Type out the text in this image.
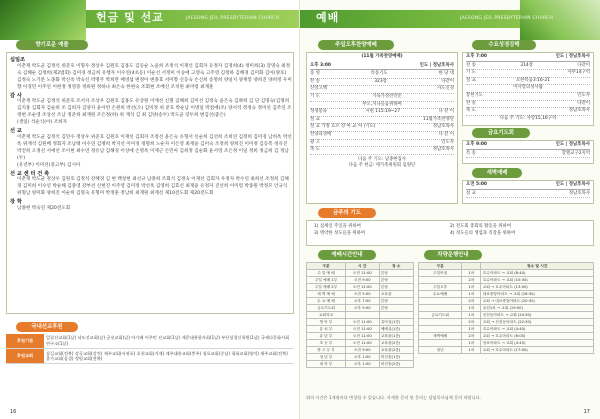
헌금 및 선교	JAESONG JEIL PRESBYTERIAN CHURCH
향기로운 예물
십일조

이춘재 박도균 김정석 위준호 이형우 정상우 김원호 김홍도 김동순 노윤희 조정석 이재선 김회자 유정자 김경희(4) 정미희(3) 강명숙 최정숙 김혜순 김정희(제2범회) 김미경 정금희 유행자 이수연(4초등) 이순선 서정미 이승애 고영숙 고주영 김정하 김해경 김미화 김아(양호) 김정숙 노기문 노종화 박신옥 박숙신 박명주 박희란 배영섭 변정아 변종효 서미향 신동숙 손신희 송명희 양일지 양재봉 양희진 양희정 우미향 이경민 이주연 이현정 정영증 정희원 정하나 최은숙 한현숙 조회현 조배신 조치원 최미령 최재훈

감 사

이춘재 박도균 김정석 위준호 조서자 조상우 김원호 김홍도 유상원 이재선 신철 김혜희 김미선 김정숙 윤은숙 김뽀희 김 단 김명숙(김명희 김지홍 김회자 김순희 조 김희자 김양자 윤아빈 손원희 박선(오) 김미정 위 준호 박순남 이명일 박점애(조) 양서석 정정숙 정미선 김주연 조정현 조순영 조상선 조남 정준희 최재원 조은정(하) 위 재석 김 최 김양(송두) 박도균 장두희 변김선(좋은)

(생일) 석순식(아) 조희자

선 교

이춘재 박도균 김정석 김민수 정상우 위준호 김원호 이재선 김회자 조정선 윤은숙 유형서 신순희 김선희 조희연 김정희 김미경 남희옥 박선옥 위재석 김원배 정회자 조남태 이수연 김명희 박지선 이미경 정명희 노순자 이은영 최재윤 김미숙 조정희 양희진 이미정 김동복 정유진 박진희 오정선 서애선 조이현 최수연 정유남 김해경 이상애 손명옥 이재근 손민아 김희정 김순화 윤서영 조은정 이일 정희 정금희 김 정남(두)

(유년부) 이미선(중고부) 김시아

선 교 센 터 건 축

이춘재 박도균 정상우 김원호 김정석 강혜경 김 현 백창현 최선규 남종희 조회석 김정숙 이재선 김회자 우정자 박수연 최희선 조정희 김해경 김미희 이수연 박순해 김종영 강부선 신현진 이주영 김미정 박선옥 김영희 김효신 최재윤 유정자 진선희 이미령 박종원 박정모 안규식 위형남 양미화 양희진 이순희 김명숙 유형미 박정훈 정남희 최재원 최재선 제10전도회 제20전도회

장 학

남종현 박숙연 제20전도회

국내선교후원
후원기관	얼결선교회(1날) 낙도선교회(날) 군선교회(날) 아가페 이주민 선교회(1날) 제준대흥항사회(1날) 부산성경신학원(1날) 국제다문화사회연구소(1날)
후원교회	삼길교회(전북) 강곡교회(강진) 제주교회(서귀포) 호천교회(거제) 제주대흥교회(충주) 청포교회(중남) 평화교회(영덕) 제주교회(전북) 종가교회(음성) 정원교회(전북)
16
예배	JAESONG JEIL PRESBYTERIAN CHURCH
주일오후찬양예배
(11월 가족찬양예배)
오후 3:00	인도 | 정남호목사
송 영	특송기도	한 당 대
찬 송	323장	다같이
신앙고백	사도신경
기 도	기독가정선언문
부오,지나들음위하여
성경봉독	시편 115:19~27	다 같 이
설 교	11월가족찬양단
설 교 가정 흐르 강 아 교 아 (기도)	정남호목사
찬양과경배	다 같 이
광 고	인도자
축 도	정남호목사
다음 주 기도: 남종현집사
다음 주 헌금: 세가족위원회 임원단
수요성경강해
오후 7:00	인도 | 정남호목사
찬 송	314장	다같이
기 도	사무14구역
설 교	요한복음3:16-21
이사랑의성사람
봉헌기도	인도자
찬 송	다같이
축 도	정남호목사
다음 주 기도: 사랑15,16구역
금요기도회
오후 9:00	인도 | 정남호목사
특 송	할렐교구2지역
새벽예배
오전 5:00	인도 | 정남호목사
설 교	정남호목사
금주의 기도
1) 섬세일 주일을 위하여	2) 전도회 총회의 활동을 위하여
3) 병약한 성도들을 위하여	4) 성도들의 생업과 직장을 위하여
예배시간안내
구분	시 간	장 소
주 일 예 배	오전 11:00	본당
주일 예배 1부	오전 9:00	본당
주일 예배 2부	오전 11:00	본당
새 벽 예 배	오전 5:00	교육관
수 요 예 배	오후 7:00	본당
금요기도회	오후 9:00	본당
교회학교		
영 아 부	오전 11:00	유아실(1층)
유 치 부	오전 11:00	예배실(1층)
유 년 부	오전 11:00	교육관(1층)
초 등 부	오전 11:00	교육관(2층)
중 고 등 부	오전 9:00	교육관(2층)
청 년 부	오후 1:00	비전홀(1층)
대 학 부	오후 1:00	비전홀(2층)
차량운행안내
구분		장소 및 시간
주일아침	1차	호수아파트 → 교회 (8:40)
	2차	호수아파트 → 교회 (10:30)
주일오후	1차	교회 → 호수아파트 (13:00)
수요예배	1차	대보중앙아파트 → 교회 (18:30)
	2차	교회 → 대보중앙아파트 (20:30)
	1차	유천1차 → 교회 (19:00)
금요기도회	1차	신천동아파트 → 교회 (20:30)
	2차	교회 → 신천동아파트 (22:30)
	1차	호수아파트 → 교회 (4:40)
새벽예배	2차	교회 → 호수아파트 (6:00)
	1차	성보아파트 → 교회 (4:45)
청년	1차	교회 → 호수아파트 (17:00)
위의 시간은 1개월마다 변경될 수 있습니다. 자세한 문의 및 문의는 담임목사님께 문의 바랍니다.
17
